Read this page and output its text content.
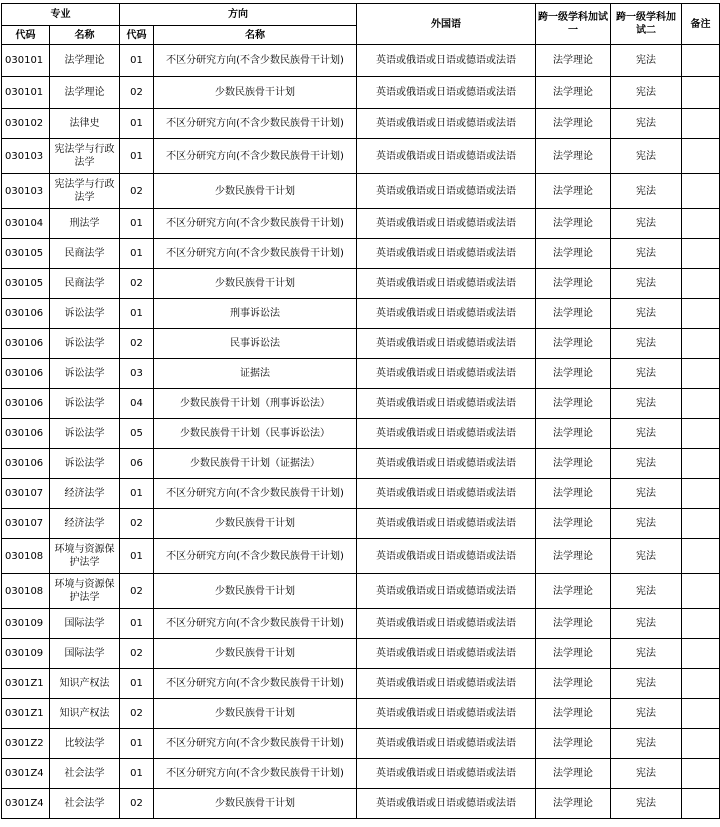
专业		方向		外国语	跨一级学科加试一	跨一级学科加试二	备注
代码	名称	代码	名称				
030101	法学理论	01	不区分研究方向(不含少数民族骨干计划)	英语或俄语或日语或德语或法语	法学理论	宪法	
030101	法学理论	02	少数民族骨干计划	英语或俄语或日语或德语或法语	法学理论	宪法	
030102	法律史	01	不区分研究方向(不含少数民族骨干计划)	英语或俄语或日语或德语或法语	法学理论	宪法	
030103	宪法学与行政法学	01	不区分研究方向(不含少数民族骨干计划)	英语或俄语或日语或德语或法语	法学理论	宪法	
030103	宪法学与行政法学	02	少数民族骨干计划	英语或俄语或日语或德语或法语	法学理论	宪法	
030104	刑法学	01	不区分研究方向(不含少数民族骨干计划)	英语或俄语或日语或德语或法语	法学理论	宪法	
030105	民商法学	01	不区分研究方向(不含少数民族骨干计划)	英语或俄语或日语或德语或法语	法学理论	宪法	
030105	民商法学	02	少数民族骨干计划	英语或俄语或日语或德语或法语	法学理论	宪法	
030106	诉讼法学	01	刑事诉讼法	英语或俄语或日语或德语或法语	法学理论	宪法	
030106	诉讼法学	02	民事诉讼法	英语或俄语或日语或德语或法语	法学理论	宪法	
030106	诉讼法学	03	证据法	英语或俄语或日语或德语或法语	法学理论	宪法	
030106	诉讼法学	04	少数民族骨干计划（刑事诉讼法）	英语或俄语或日语或德语或法语	法学理论	宪法	
030106	诉讼法学	05	少数民族骨干计划（民事诉讼法）	英语或俄语或日语或德语或法语	法学理论	宪法	
030106	诉讼法学	06	少数民族骨干计划（证据法）	英语或俄语或日语或德语或法语	法学理论	宪法	
030107	经济法学	01	不区分研究方向(不含少数民族骨干计划)	英语或俄语或日语或德语或法语	法学理论	宪法	
030107	经济法学	02	少数民族骨干计划	英语或俄语或日语或德语或法语	法学理论	宪法	
030108	环境与资源保护法学	01	不区分研究方向(不含少数民族骨干计划)	英语或俄语或日语或德语或法语	法学理论	宪法	
030108	环境与资源保护法学	02	少数民族骨干计划	英语或俄语或日语或德语或法语	法学理论	宪法	
030109	国际法学	01	不区分研究方向(不含少数民族骨干计划)	英语或俄语或日语或德语或法语	法学理论	宪法	
030109	国际法学	02	少数民族骨干计划	英语或俄语或日语或德语或法语	法学理论	宪法	
0301Z1	知识产权法	01	不区分研究方向(不含少数民族骨干计划)	英语或俄语或日语或德语或法语	法学理论	宪法	
0301Z1	知识产权法	02	少数民族骨干计划	英语或俄语或日语或德语或法语	法学理论	宪法	
0301Z2	比较法学	01	不区分研究方向(不含少数民族骨干计划)	英语或俄语或日语或德语或法语	法学理论	宪法	
0301Z4	社会法学	01	不区分研究方向(不含少数民族骨干计划)	英语或俄语或日语或德语或法语	法学理论	宪法	
0301Z4	社会法学	02	少数民族骨干计划	英语或俄语或日语或德语或法语	法学理论	宪法	
